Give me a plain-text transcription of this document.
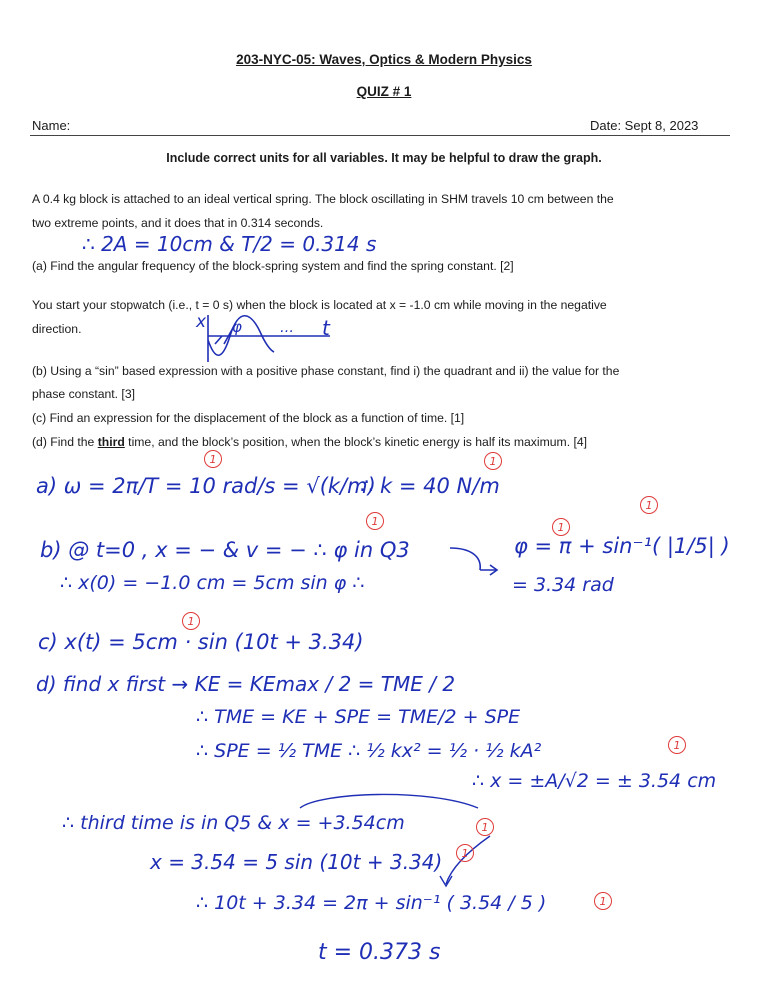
203-NYC-05: Waves, Optics & Modern Physics
QUIZ # 1
Name:	Date: Sept 8, 2023
Include correct units for all variables. It may be helpful to draw the graph.
A 0.4 kg block is attached to an ideal vertical spring. The block oscillating in SHM travels 10 cm between the
two extreme points, and it does that in 0.314 seconds.
∴ 2A = 10cm & T/2 = 0.314 s
(a) Find the angular frequency of the block-spring system and find the spring constant. [2]
You start your stopwatch (i.e., t = 0 s) when the block is located at x = -1.0 cm while moving in the negative
direction.	x φ	… t
(b) Using a “sin” based expression with a positive phase constant, find i) the quadrant and ii) the value for the
phase constant. [3]
(c) Find an expression for the displacement of the block as a function of time. [1]
(d) Find the third time, and the block’s position, when the block’s kinetic energy is half its maximum. [4]
a) ω = 2π/T = 10 rad/s = √(k/m)
∴ k = 40 N/m
1	1
b) @ t=0 , x = − & v = − ∴ φ in Q3
∴ x(0) = −1.0 cm = 5cm sin φ ∴
φ = π + sin⁻¹( |1/5| )
= 3.34 rad
1	1
1
1
c) x(t) = 5cm · sin (10t + 3.34)
d) find x first → KE = KEmax / 2 = TME / 2
∴ TME = KE + SPE = TME/2 + SPE
∴ SPE = ½ TME ∴ ½ kx² = ½ · ½ kA²	1
∴ x = ±A/√2 = ± 3.54 cm
∴ third time is in Q5 & x = +3.54cm	1
x = 3.54 = 5 sin (10t + 3.34)	1
∴ 10t + 3.34 = 2π + sin⁻¹ ( 3.54 / 5 )	1
t = 0.373 s
